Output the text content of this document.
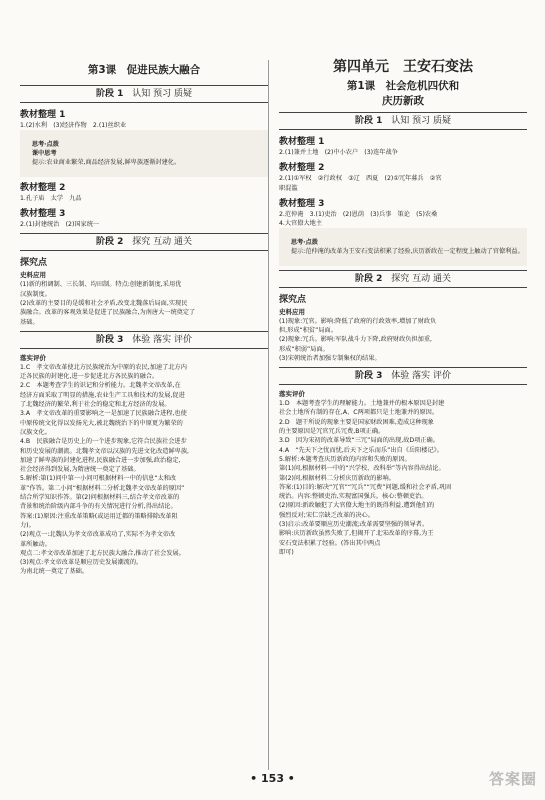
第3课　促进民族大融合
阶段 1 认知 预习 质疑
教材整理 1
1.(2)水利　(3)经济作物　2.(1)丝织业

思考·点拨
课中思考
提示:农业商业繁荣,商品经济发展,鲜卑族逐渐封建化。

教材整理 2
1.孔子庙　太学　九品
教材整理 3
2.(1)封建统治　(2)国家统一
阶段 2 探究 互动 通关
探究点
史料应用
(1)新的租调制、三长制、均田制。特点:创建新制度,采用优
汉族制度。
(2)改革的主要目的是缓和社会矛盾,改变北魏落后局面,实现民
族融合。改革的客观效果是促进了民族融合,为南唐大一统奠定了
基础。
阶段 3 体验 落实 评价
落实评价
1.C　孝文帝改革使北方民族统治为中原的农民,加速了北方内
迁各民族的封建化,进一步促进北方各民族的融合。
2.C　本题考查学生的识记和分析能力。北魏孝文帝改革,在
经济方面采取了明显的措施,农业生产工具和技术的发展,促进
了北魏经济的繁荣,利于社会的稳定和北方经济的发展。
3.A　孝文帝改革的重要影响之一是加速了民族融合进程,也使
中原传统文化得以发扬光大,被北魏统治下的中原更为繁荣的
汉族文化。
4.B　民族融合是历史上的一个进步现象,它符合民族社会进步
和历史发展的潮流。北魏孝文帝以汉族的先进文化改造鲜卑族,
加速了鲜卑族的封建化进程,民族融合进一步加强,政治稳定,
社会经济得到发展,为隋唐统一奠定了基础。
5.解析:第(1)问中第一小问可根据材料一中的信息“太和改
革”作答。第二小问“根据材料二分析北魏孝文帝改革的原因”
结合所学知识作答。第(2)问根据材料三,结合孝文帝改革的
背景和统治阶级内部斗争的有关情况进行分析,得出结论。
答案:(1)原因:注重改革策略(或运用迁都的策略排除改革阻
力)。
(2)观点一:北魏认为孝文帝改革成功了,实际不为孝文帝改
革所触动。
观点二:孝文帝改革加速了北方民族大融合,推动了社会发展。
(3)观点:孝文帝改革是顺应历史发展潮流的。
为南北统一奠定了基础。
第四单元　王安石变法
第1课　社会危机四伏和
庆历新政
阶段 1 认知 预习 质疑
教材整理 1
2.(1)兼并土地　(2)中小农户　(3)连年战争
教材整理 2
2.(1)①军权　②行政权　③辽　西夏　(2)①冗年募兵　②官
职混滥
教材整理 3
2.范仲淹　3.(1)吏治　(2)恩荫　(3)兵事　策论　(5)农桑
4.大官僚大地主

思考·点拨
提示:范仲淹的改革为王安石变法积累了经验,庆历新政在一定程度上触动了官僚利益。

阶段 2 探究 互动 通关
探究点
史料应用
(1)现象:冗官。影响:降低了政府的行政效率,增加了财政负
担,形成“积贫”局面。
(2)现象:冗兵。影响:军队战斗力下降,政府财政负担加重,
形成“积弱”局面。
(3)宋朝统治者加强专制集权的结果。
阶段 3 体验 落实 评价
落实评价
1.D　本题考查学生的理解能力。土地兼并的根本原因是封建
社会土地所有制的存在,A、C两项都只是土地兼并的原因。
2.D　题干所说的现象主要是国家财政困难,造成这种现象
的主要原因是冗官冗兵冗费,B项正确。
3.D　因为宋初的改革导致“三冗”局面的出现,故D项正确。
4.A　“先天下之忧而忧,后天下之乐而乐”出自《岳阳楼记》。
5.解析:本题考查庆历新政的内容和失败的原因。
第(1)问,根据材料一中的“兴学校、改科举”等内容得出结论。
第(2)问,根据材料二分析庆历新政的影响。
答案:(1)目的:解决“冗官”“冗兵”“冗费”问题,缓和社会矛盾,巩固
统治。内容:整顿吏治,实现富国强兵。核心:整顿吏治。
(2)原因:新政触犯了大官僚大地主的既得利益,遭到他们的
强烈反对;宋仁宗缺乏改革的决心。
(3)启示:改革要顺应历史潮流;改革需要坚强的领导者。
影响:庆历新政虽然失败了,但揭开了北宋改革的序幕,为王
安石变法积累了经验。(答出其中两点
即可)
• 153 •	答案圈
